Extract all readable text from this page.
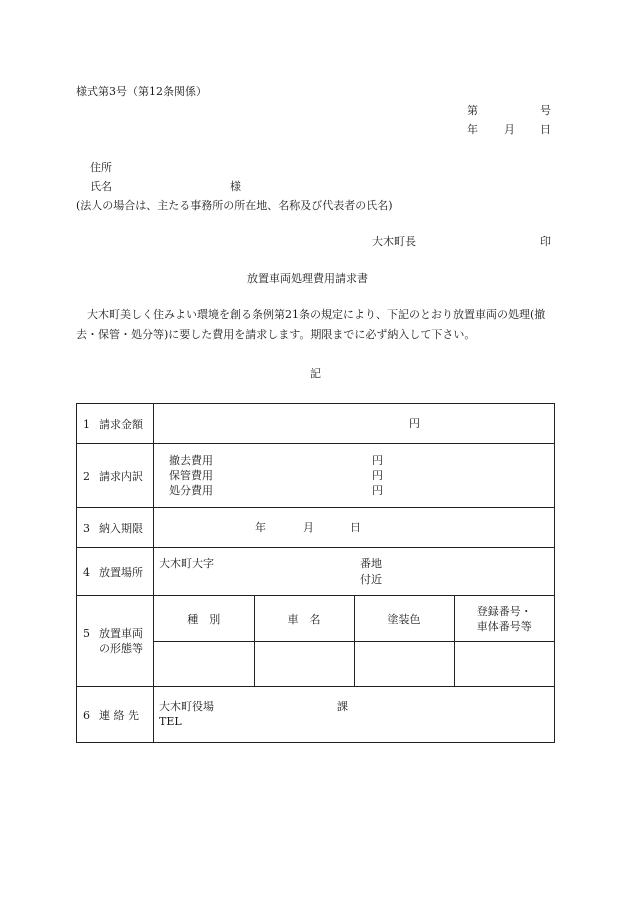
様式第3号（第12条関係）
第	号
年 月 日
住所
氏名	様
(法人の場合は、主たる事務所の所在地、名称及び代表者の氏名)
大木町長	印
放置車両処理費用請求書

大木町美しく住みよい環境を創る条例第21条の規定により、下記のとおり放置車両の処理(撤去・保管・処分等)に要した費用を請求します。期限までに必ず納入して下さい。

記
1 請求金額	円

2 請求内訳	
撤去費用	円
保管費用	円
処分費用	円

3 納入期限	年	月	日

4 放置場所	
大木町大字	番地
付近

5 放置車両
の形態等	
種　別	車　名	塗装色	登録番号・
車体番号等

6 連 絡 先	
大木町役場	課
TEL
